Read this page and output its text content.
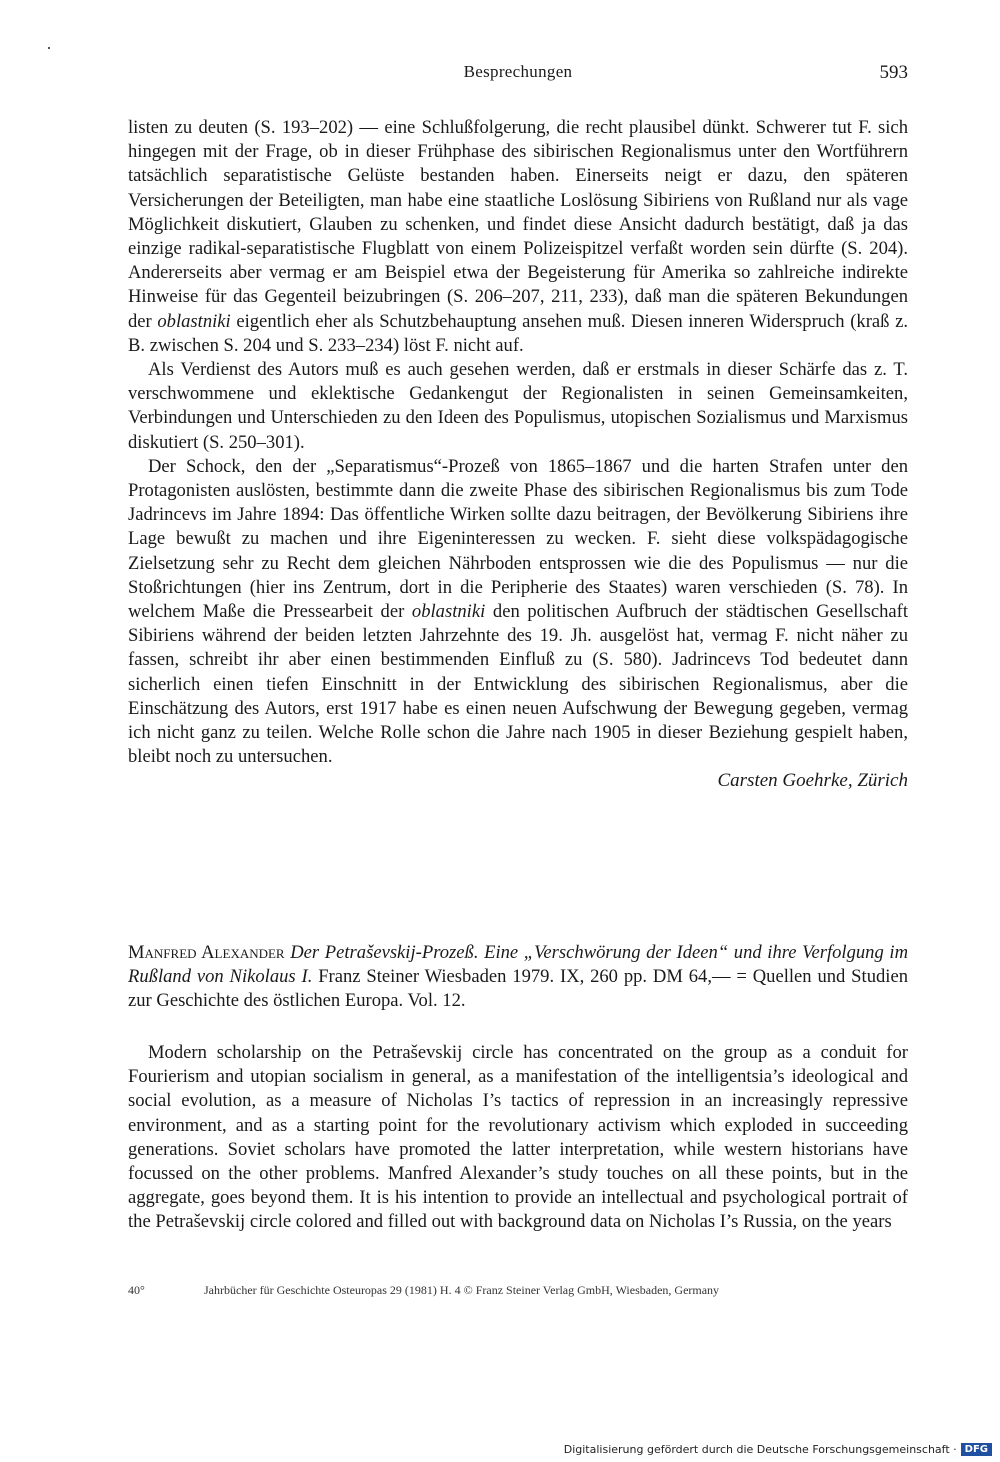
Besprechungen	593

listen zu deuten (S. 193–202) — eine Schlußfolgerung, die recht plausibel dünkt. Schwerer tut F. sich hingegen mit der Frage, ob in dieser Frühphase des sibirischen Regionalismus unter den Wortführern tatsächlich separatistische Gelüste bestanden haben. Einerseits neigt er dazu, den späteren Versicherungen der Beteiligten, man habe eine staatliche Loslösung Sibiriens von Rußland nur als vage Möglichkeit diskutiert, Glauben zu schenken, und findet diese Ansicht dadurch bestätigt, daß ja das einzige radikal-separatistische Flugblatt von einem Polizeispitzel verfaßt worden sein dürfte (S. 204). Andererseits aber vermag er am Beispiel etwa der Begeisterung für Amerika so zahlreiche indirekte Hinweise für das Gegenteil beizubringen (S. 206–207, 211, 233), daß man die späteren Bekundungen der oblastniki eigentlich eher als Schutzbehauptung ansehen muß. Diesen inneren Widerspruch (kraß z. B. zwischen S. 204 und S. 233–234) löst F. nicht auf.

Als Verdienst des Autors muß es auch gesehen werden, daß er erstmals in dieser Schärfe das z. T. verschwommene und eklektische Gedankengut der Regionalisten in seinen Gemeinsamkeiten, Verbindungen und Unterschieden zu den Ideen des Populismus, utopischen Sozialismus und Marxismus diskutiert (S. 250–301).

Der Schock, den der „Separatismus“-Prozeß von 1865–1867 und die harten Strafen unter den Protagonisten auslösten, bestimmte dann die zweite Phase des sibirischen Regionalismus bis zum Tode Jadrincevs im Jahre 1894: Das öffentliche Wirken sollte dazu beitragen, der Bevölkerung Sibiriens ihre Lage bewußt zu machen und ihre Eigeninteressen zu wecken. F. sieht diese volkspädagogische Zielsetzung sehr zu Recht dem gleichen Nährboden entsprossen wie die des Populismus — nur die Stoßrichtungen (hier ins Zentrum, dort in die Peripherie des Staates) waren verschieden (S. 78). In welchem Maße die Pressearbeit der oblastniki den politischen Aufbruch der städtischen Gesellschaft Sibiriens während der beiden letzten Jahrzehnte des 19. Jh. ausgelöst hat, vermag F. nicht näher zu fassen, schreibt ihr aber einen bestimmenden Einfluß zu (S. 580). Jadrincevs Tod bedeutet dann sicherlich einen tiefen Einschnitt in der Entwicklung des sibirischen Regionalismus, aber die Einschätzung des Autors, erst 1917 habe es einen neuen Aufschwung der Bewegung gegeben, vermag ich nicht ganz zu teilen. Welche Rolle schon die Jahre nach 1905 in dieser Beziehung gespielt haben, bleibt noch zu untersuchen.

Carsten Goehrke, Zürich

Manfred Alexander Der Petraševskij-Prozeß. Eine „Verschwörung der Ideen“ und ihre Verfolgung im Rußland von Nikolaus I. Franz Steiner Wiesbaden 1979. IX, 260 pp. DM 64,— = Quellen und Studien zur Geschichte des östlichen Europa. Vol. 12.

Modern scholarship on the Petraševskij circle has concentrated on the group as a conduit for Fourierism and utopian socialism in general, as a manifestation of the intelligentsia’s ideological and social evolution, as a measure of Nicholas I’s tactics of repression in an increasingly repressive environment, and as a starting point for the revolutionary activism which exploded in succeeding generations. Soviet scholars have promoted the latter interpretation, while western historians have focussed on the other problems. Manfred Alexander’s study touches on all these points, but in the aggregate, goes beyond them. It is his intention to provide an intellectual and psychological portrait of the Petraševskij circle colored and filled out with background data on Nicholas I’s Russia, on the years

40°	Jahrbücher für Geschichte Osteuropas 29 (1981) H. 4 © Franz Steiner Verlag GmbH, Wiesbaden, Germany
Digitalisierung gefördert durch die Deutsche Forschungsgemeinschaft · DFG
